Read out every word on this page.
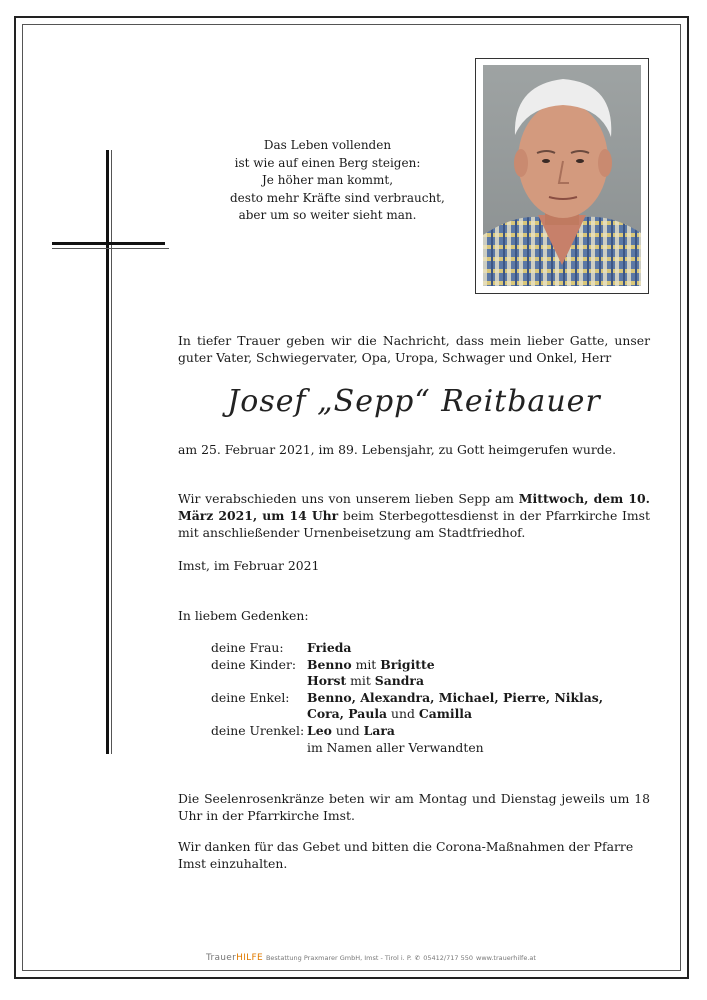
Das Leben vollenden
ist wie auf einen Berg steigen:
Je höher man kommt,
desto mehr Kräfte sind verbraucht,
aber um so weiter sieht man.
In tiefer Trauer geben wir die Nachricht, dass mein lieber Gatte, unser guter Vater, Schwiegervater, Opa, Uropa, Schwager und Onkel, Herr
Josef „Sepp“ Reitbauer
am 25. Februar 2021, im 89. Lebensjahr, zu Gott heimgerufen wurde.
Wir verabschieden uns von unserem lieben Sepp am Mittwoch, dem 10. März 2021, um 14 Uhr beim Sterbegottesdienst in der Pfarrkirche Imst mit anschließender Urnenbeisetzung am Stadtfriedhof.
Imst, im Februar 2021
In liebem Gedenken:
deine Frau:	Frieda
deine Kinder: Benno mit Brigitte
Horst mit Sandra
deine Enkel:	Benno, Alexandra, Michael, Pierre, Niklas,
Cora, Paula und Camilla
deine Urenkel: Leo und Lara
im Namen aller Verwandten
Die Seelenrosenkränze beten wir am Montag und Dienstag jeweils um 18 Uhr in der Pfarrkirche Imst.
Wir danken für das Gebet und bitten die Corona-Maßnahmen der Pfarre Imst einzuhalten.
TrauerHILFE Bestattung Praxmarer GmbH, Imst - Tirol i. P. ✆ 05412/717 550 www.trauerhilfe.at
